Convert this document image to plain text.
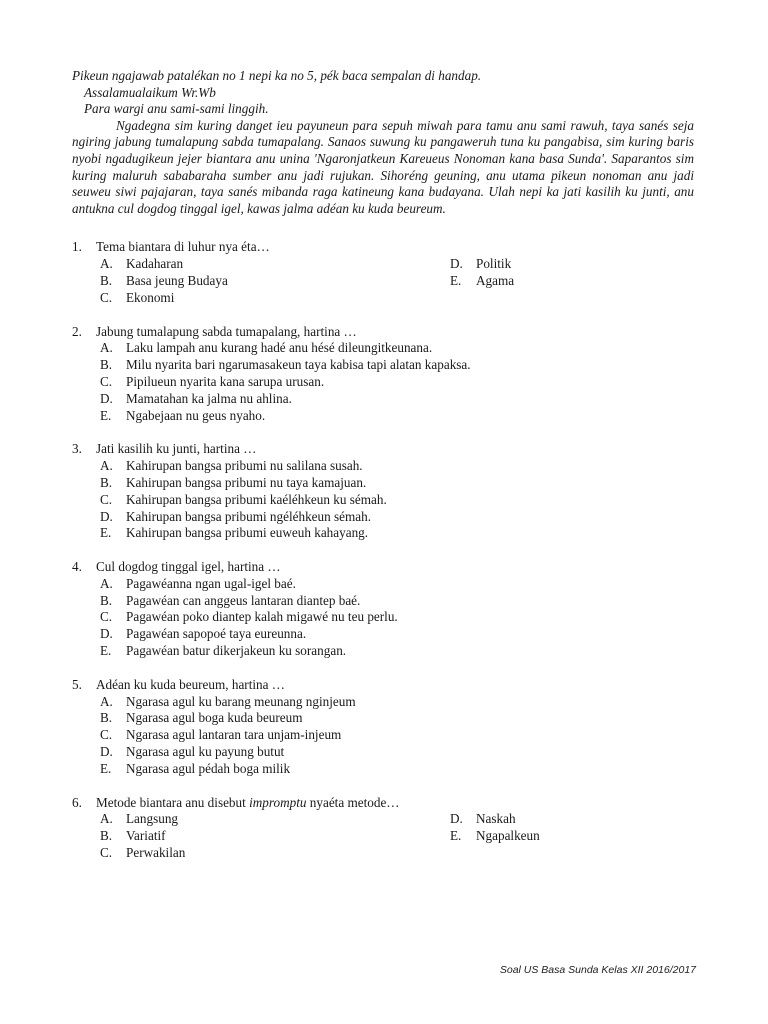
Pikeun ngajawab patalékan no 1 nepi ka no 5, pék baca sempalan di handap.

Assalamualaikum Wr.Wb

Para wargi anu sami-sami linggih.

Ngadegna sim kuring danget ieu payuneun para sepuh miwah para tamu anu sami rawuh, taya sanés seja ngiring jabung tumalapung sabda tumapalang. Sanaos suwung ku pangaweruh tuna ku pangabisa, sim kuring baris nyobi ngadugikeun jejer biantara anu unina 'Ngaronjatkeun Kareueus Nonoman kana basa Sunda'. Saparantos sim kuring maluruh sababaraha sumber anu jadi rujukan. Sihoréng geuning, anu utama pikeun nonoman anu jadi seuweu siwi pajajaran, taya sanés mibanda raga katineung kana budayana. Ulah nepi ka jati kasilih ku junti, anu antukna cul dogdog tinggal igel, kawas jalma adéan ku kuda beureum.

1.	Tema biantara di luhur nya éta…
A. Kadaharan	D. Politik
B.	Basa jeung Budaya	E.	Agama
C.	Ekonomi
2.	Jabung tumalapung sabda tumapalang, hartina …
A. Laku lampah anu kurang hadé anu hésé dileungitkeunana.
B.	Milu nyarita bari ngarumasakeun taya kabisa tapi alatan kapaksa.
C.	Pipilueun nyarita kana sarupa urusan.
D. Mamatahan ka jalma nu ahlina.
E.	Ngabejaan nu geus nyaho.
3.	Jati kasilih ku junti, hartina …
A. Kahirupan bangsa pribumi nu salilana susah.
B.	Kahirupan bangsa pribumi nu taya kamajuan.
C.	Kahirupan bangsa pribumi kaéléhkeun ku sémah.
D. Kahirupan bangsa pribumi ngéléhkeun sémah.
E.	Kahirupan bangsa pribumi euweuh kahayang.
4.	Cul dogdog tinggal igel, hartina …
A. Pagawéanna ngan ugal-igel baé.
B.	Pagawéan can anggeus lantaran diantep baé.
C.	Pagawéan poko diantep kalah migawé nu teu perlu.
D. Pagawéan sapopoé taya eureunna.
E.	Pagawéan batur dikerjakeun ku sorangan.
5.	Adéan ku kuda beureum, hartina …
A. Ngarasa agul ku barang meunang nginjeum
B.	Ngarasa agul boga kuda beureum
C.	Ngarasa agul lantaran tara unjam-injeum
D. Ngarasa agul ku payung butut
E.	Ngarasa agul pédah boga milik
6.	Metode biantara anu disebut impromptu nyaéta metode…
A. Langsung	D. Naskah
B.	Variatif	E.	Ngapalkeun
C.	Perwakilan
Soal US Basa Sunda Kelas XII 2016/2017
